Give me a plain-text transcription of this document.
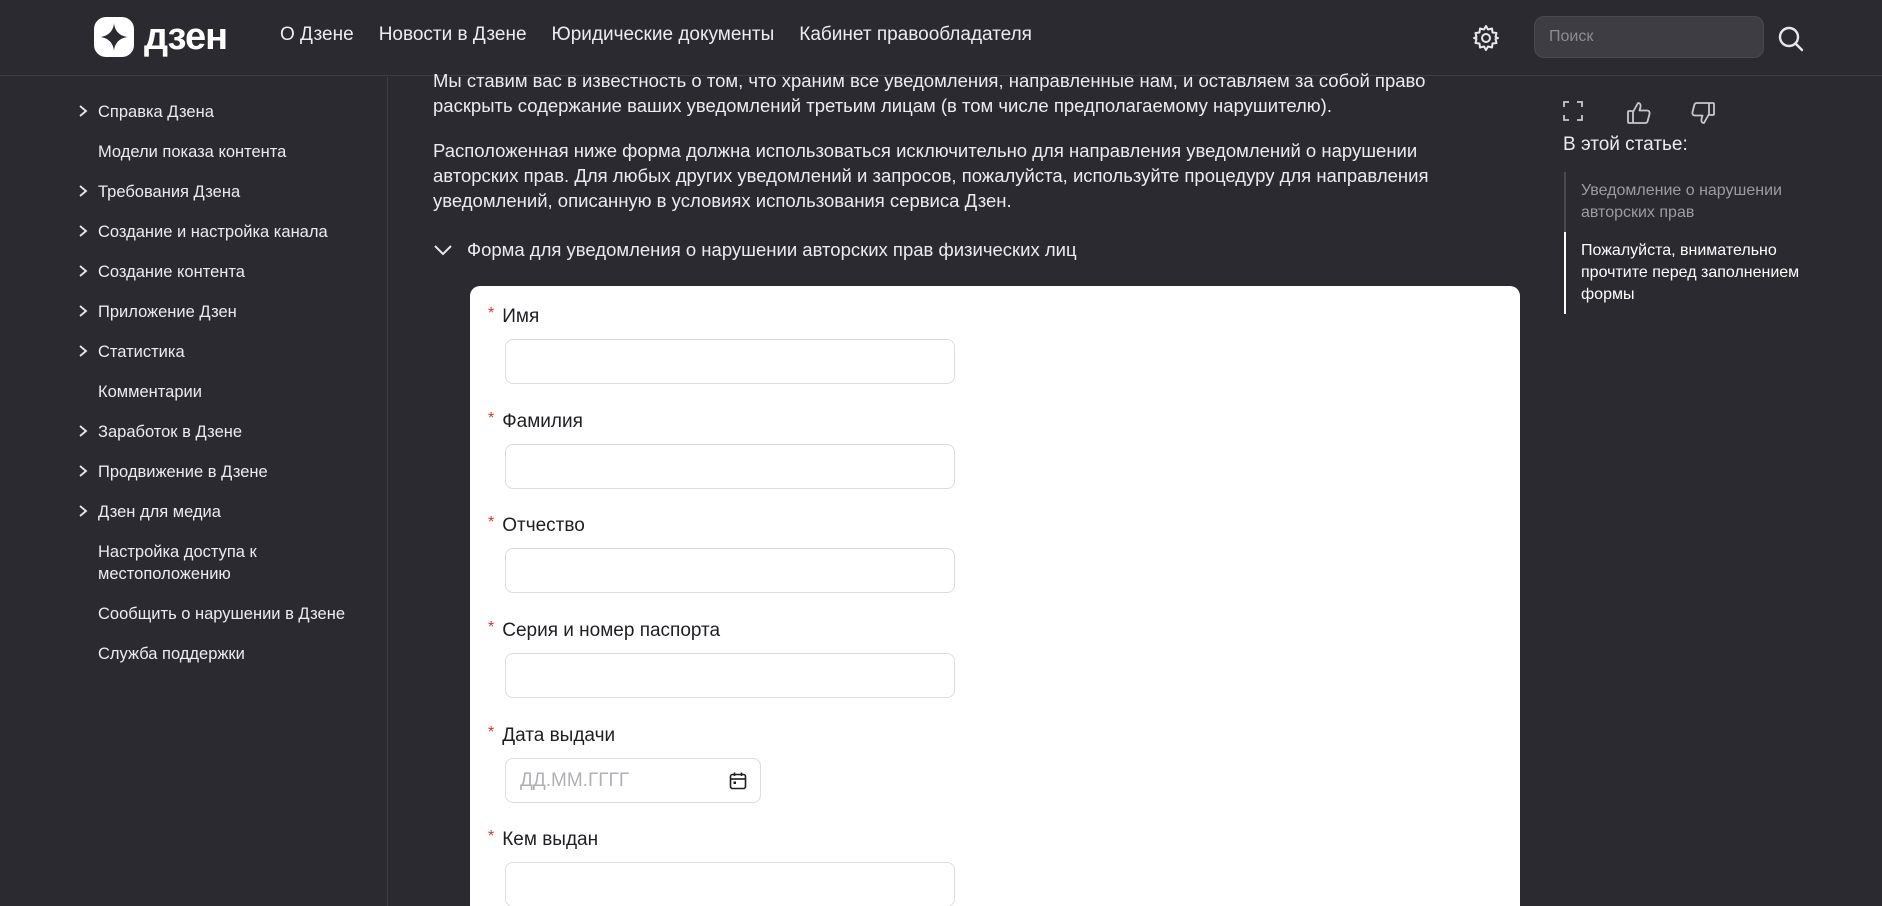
дзен	О Дзене Новости в Дзене Юридические документы Кабинет правообладателя
Поиск
Справка Дзена
Модели показа контента
Требования Дзена
Создание и настройка канала
Создание контента
Приложение Дзен
Статистика
Комментарии
Заработок в Дзене
Продвижение в Дзене
Дзен для медиа
Настройка доступа к местоположению
Сообщить о нарушении в Дзене
Служба поддержки

Мы ставим вас в известность о том, что храним все уведомления, направленные нам, и оставляем за собой право раскрыть содержание ваших уведомлений третьим лицам (в том числе предполагаемому нарушителю).

Расположенная ниже форма должна использоваться исключительно для направления уведомлений о нарушении авторских прав. Для любых других уведомлений и запросов, пожалуйста, используйте процедуру для направления уведомлений, описанную в условиях использования сервиса Дзен.

Форма для уведомления о нарушении авторских прав физических лиц
* Имя
* Фамилия
* Отчество
* Серия и номер паспорта
* Дата выдачи
ДД.ММ.ГГГГ
* Кем выдан
В этой статье:
Уведомление о нарушении авторских прав
Пожалуйста, внимательно прочтите перед заполнением формы
